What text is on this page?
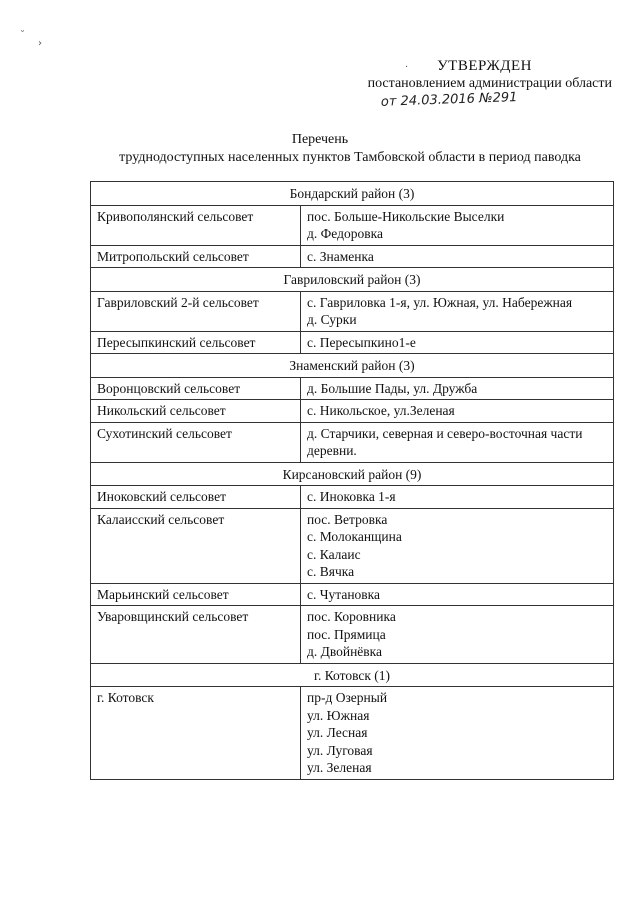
˘
›
·	УТВЕРЖДЕН
постановлением администрации области
от 24.03.2016 №291
Перечень
труднодоступных населенных пунктов Тамбовской области в период паводка
Бондарский район (3)	
Кривополянский сельсовет	пос. Больше-Никольские Выселки
д. Федоровка

Митропольский сельсовет	с. Знаменка

Гавриловский район (3)	
Гавриловский 2-й сельсовет	с. Гавриловка 1-я, ул. Южная, ул. Набережная
д. Сурки

Пересыпкинский сельсовет	с. Пересыпкино1-е

Знаменский район (3)	
Воронцовский сельсовет	д. Большие Пады, ул. Дружба

Никольский сельсовет	с. Никольское, ул.Зеленая

Сухотинский сельсовет	д. Старчики, северная и северо-восточная части деревни.

Кирсановский район (9)	
Иноковский сельсовет	с. Иноковка 1-я

Калаисский сельсовет	пос. Ветровка
с. Молоканщина
с. Калаис
с. Вячка

Марьинский сельсовет	с. Чутановка

Уваровщинский сельсовет	пос. Коровника
пос. Прямица
д. Двойнёвка

г. Котовск (1)	
г. Котовск	пр-д Озерный
ул. Южная
ул. Лесная
ул. Луговая
ул. Зеленая
